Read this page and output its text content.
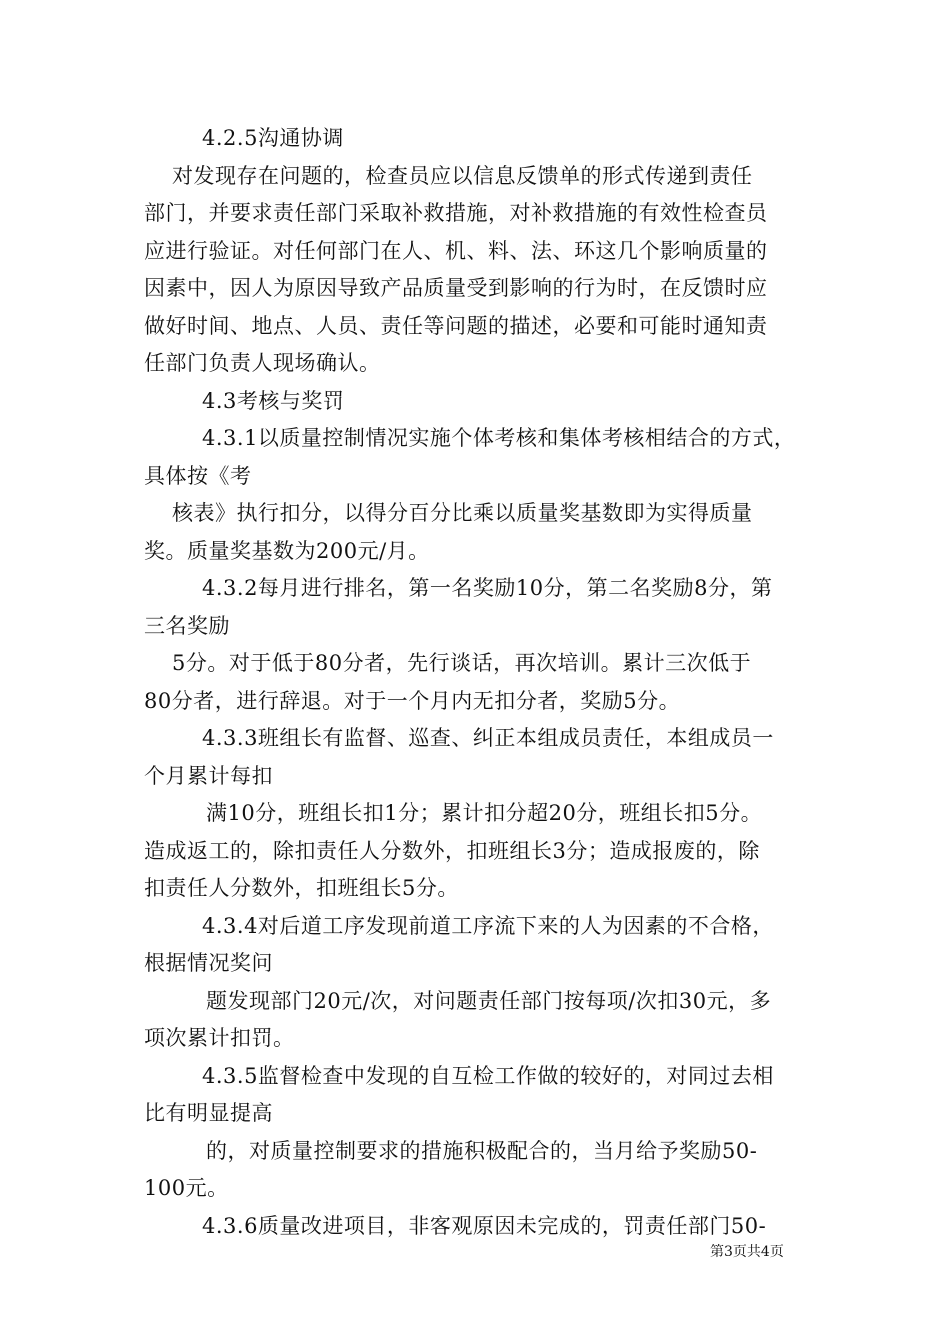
4.2.5沟通协调
对发现存在问题的，检查员应以信息反馈单的形式传递到责任
部门，并要求责任部门采取补救措施，对补救措施的有效性检查员
应进行验证。对任何部门在人、机、料、法、环这几个影响质量的
因素中，因人为原因导致产品质量受到影响的行为时，在反馈时应
做好时间、地点、人员、责任等问题的描述，必要和可能时通知责
任部门负责人现场确认。
4.3考核与奖罚
4.3.1以质量控制情况实施个体考核和集体考核相结合的方式，
具体按《考
核表》执行扣分，以得分百分比乘以质量奖基数即为实得质量
奖。质量奖基数为200元/月。
4.3.2每月进行排名，第一名奖励10分，第二名奖励8分，第
三名奖励
5分。对于低于80分者，先行谈话，再次培训。累计三次低于
80分者，进行辞退。对于一个月内无扣分者，奖励5分。
4.3.3班组长有监督、巡查、纠正本组成员责任，本组成员一
个月累计每扣
满10分，班组长扣1分；累计扣分超20分，班组长扣5分。
造成返工的，除扣责任人分数外，扣班组长3分；造成报废的，除
扣责任人分数外，扣班组长5分。
4.3.4对后道工序发现前道工序流下来的人为因素的不合格，
根据情况奖问
题发现部门20元/次，对问题责任部门按每项/次扣30元，多
项次累计扣罚。
4.3.5监督检查中发现的自互检工作做的较好的，对同过去相
比有明显提高
的，对质量控制要求的措施积极配合的，当月给予奖励50-
100元。
4.3.6质量改进项目，非客观原因未完成的，罚责任部门50-
第3页共4页
